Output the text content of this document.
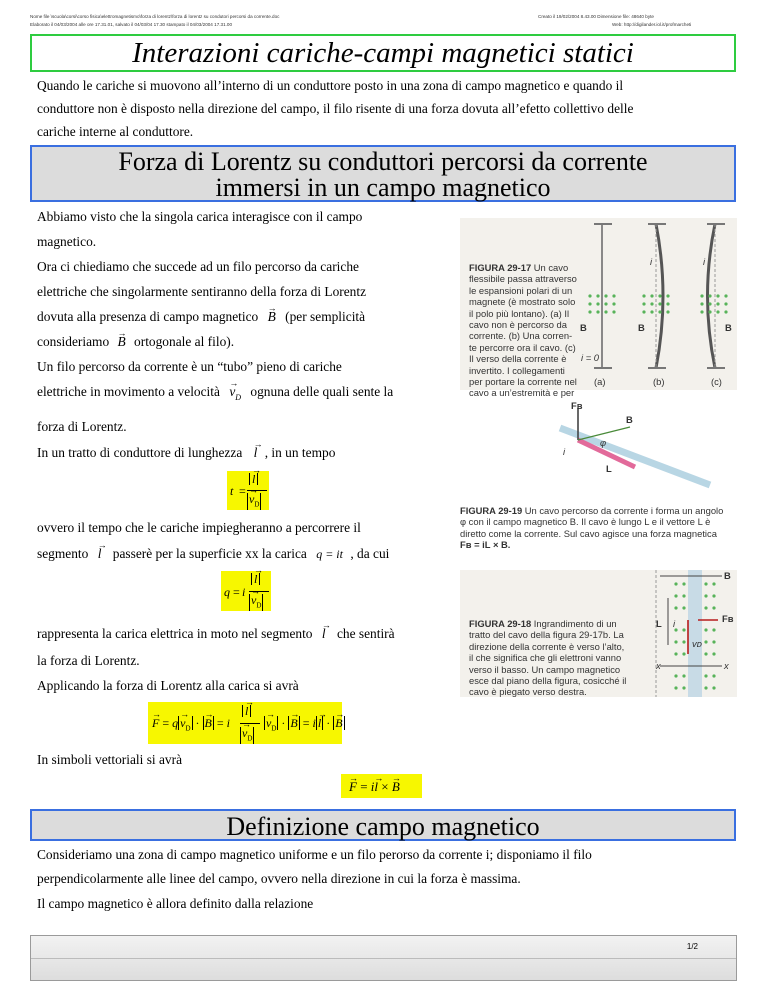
Nome file \scuola\corsi\corso fisica\elettromagnetismo\forza di lorentz\forza di lorentz su condutori percorsi da corrente.doc
Elaborato il 04/03/2004 alle ore 17.31.01, salvato il 04/03/04 17.30 stampato il 04/03/2004 17.31.00
Creato il 19/02/2004 8.43.00 Dimensione file: 48640 byte
Web: http://digilander.iol.it/profmarcheti
Interazioni cariche-campi magnetici statici
Quando le cariche si muovono all’interno di un conduttore posto in una zona di campo magnetico e quando il
conduttore non è disposto nella direzione del campo, il filo risente di una forza dovuta all’efetto collettivo delle
cariche interne al conduttore.
Forza di Lorentz su conduttori percorsi da corrente
immersi in un campo magnetico
Abbiamo visto che la singola carica interagisce con il campo
magnetico.
Ora ci chiediamo che succede ad un filo percorso da cariche
elettriche che singolarmente sentiranno della forza di Lorentz
dovuta alla presenza di campo magnetico → B (per semplicità
consideriamo → B ortogonale al filo).
Un filo percorso da corrente è un “tubo” pieno di cariche
elettriche in movimento a velocità → $v_D$ ognuna delle quali sente la
forza di Lorentz.
In un tratto di conduttore di lunghezza → l , in un tempo
t =
→ l
→ $v_D$
ovvero il tempo che le cariche impiegheranno a percorrere il
segmento → l passerè per la superficie xx la carica q = it , da cui
q = i
→ l
→ $v_D$
rappresenta la carica elettrica in moto nel segmento → l che sentirà
la forza di Lorentz.
Applicando la forza di Lorentz alla carica si avrà
→ $F = q \to v_D$ · → B = i
→ l
→ $v_D$
→ $v_D$ · → B = i → l · → B
In simboli vettoriali si avrà
→ F = i→ l × → B
Definizione campo magnetico
Consideriamo una zona di campo magnetico uniforme e un filo perorso da corrente i; disponiamo il filo
perpendicolarmente alle linee del campo, ovvero nella direzione in cui la forza è massima.
Il campo magnetico è allora definito dalla relazione
FIGURA 29-17 Un cavo
flessibile passa attraverso
le espansioni polari di un
magnete (è mostrato solo
il polo più lontano). (a) Il
cavo non è percorso da
corrente. (b) Una corren-
te percorre ora il cavo. (c)
Il verso della corrente è
invertito. I collegamenti
per portare la corrente nel
cavo a un’estremità e per
B	B	B
i = 0
i	i
(a)	(b)	(c)
Fʙ
B
φ
L
i
FIGURA 29-19 Un cavo percorso da corrente i forma un angolo
φ con il campo magnetico B. Il cavo è lungo L e il vettore L è
diretto come la corrente. Sul cavo agisce una forza magnetica
Fʙ = iL × B.
B
Fʙ
L i
vᴅ
x	x
FIGURA 29-18 Ingrandimento di un
tratto del cavo della figura 29-17b. La
direzione della corrente è verso l’alto,
il che significa che gli elettroni vanno
verso il basso. Un campo magnetico
esce dal piano della figura, cosicché il
cavo è piegato verso destra.
1/2
